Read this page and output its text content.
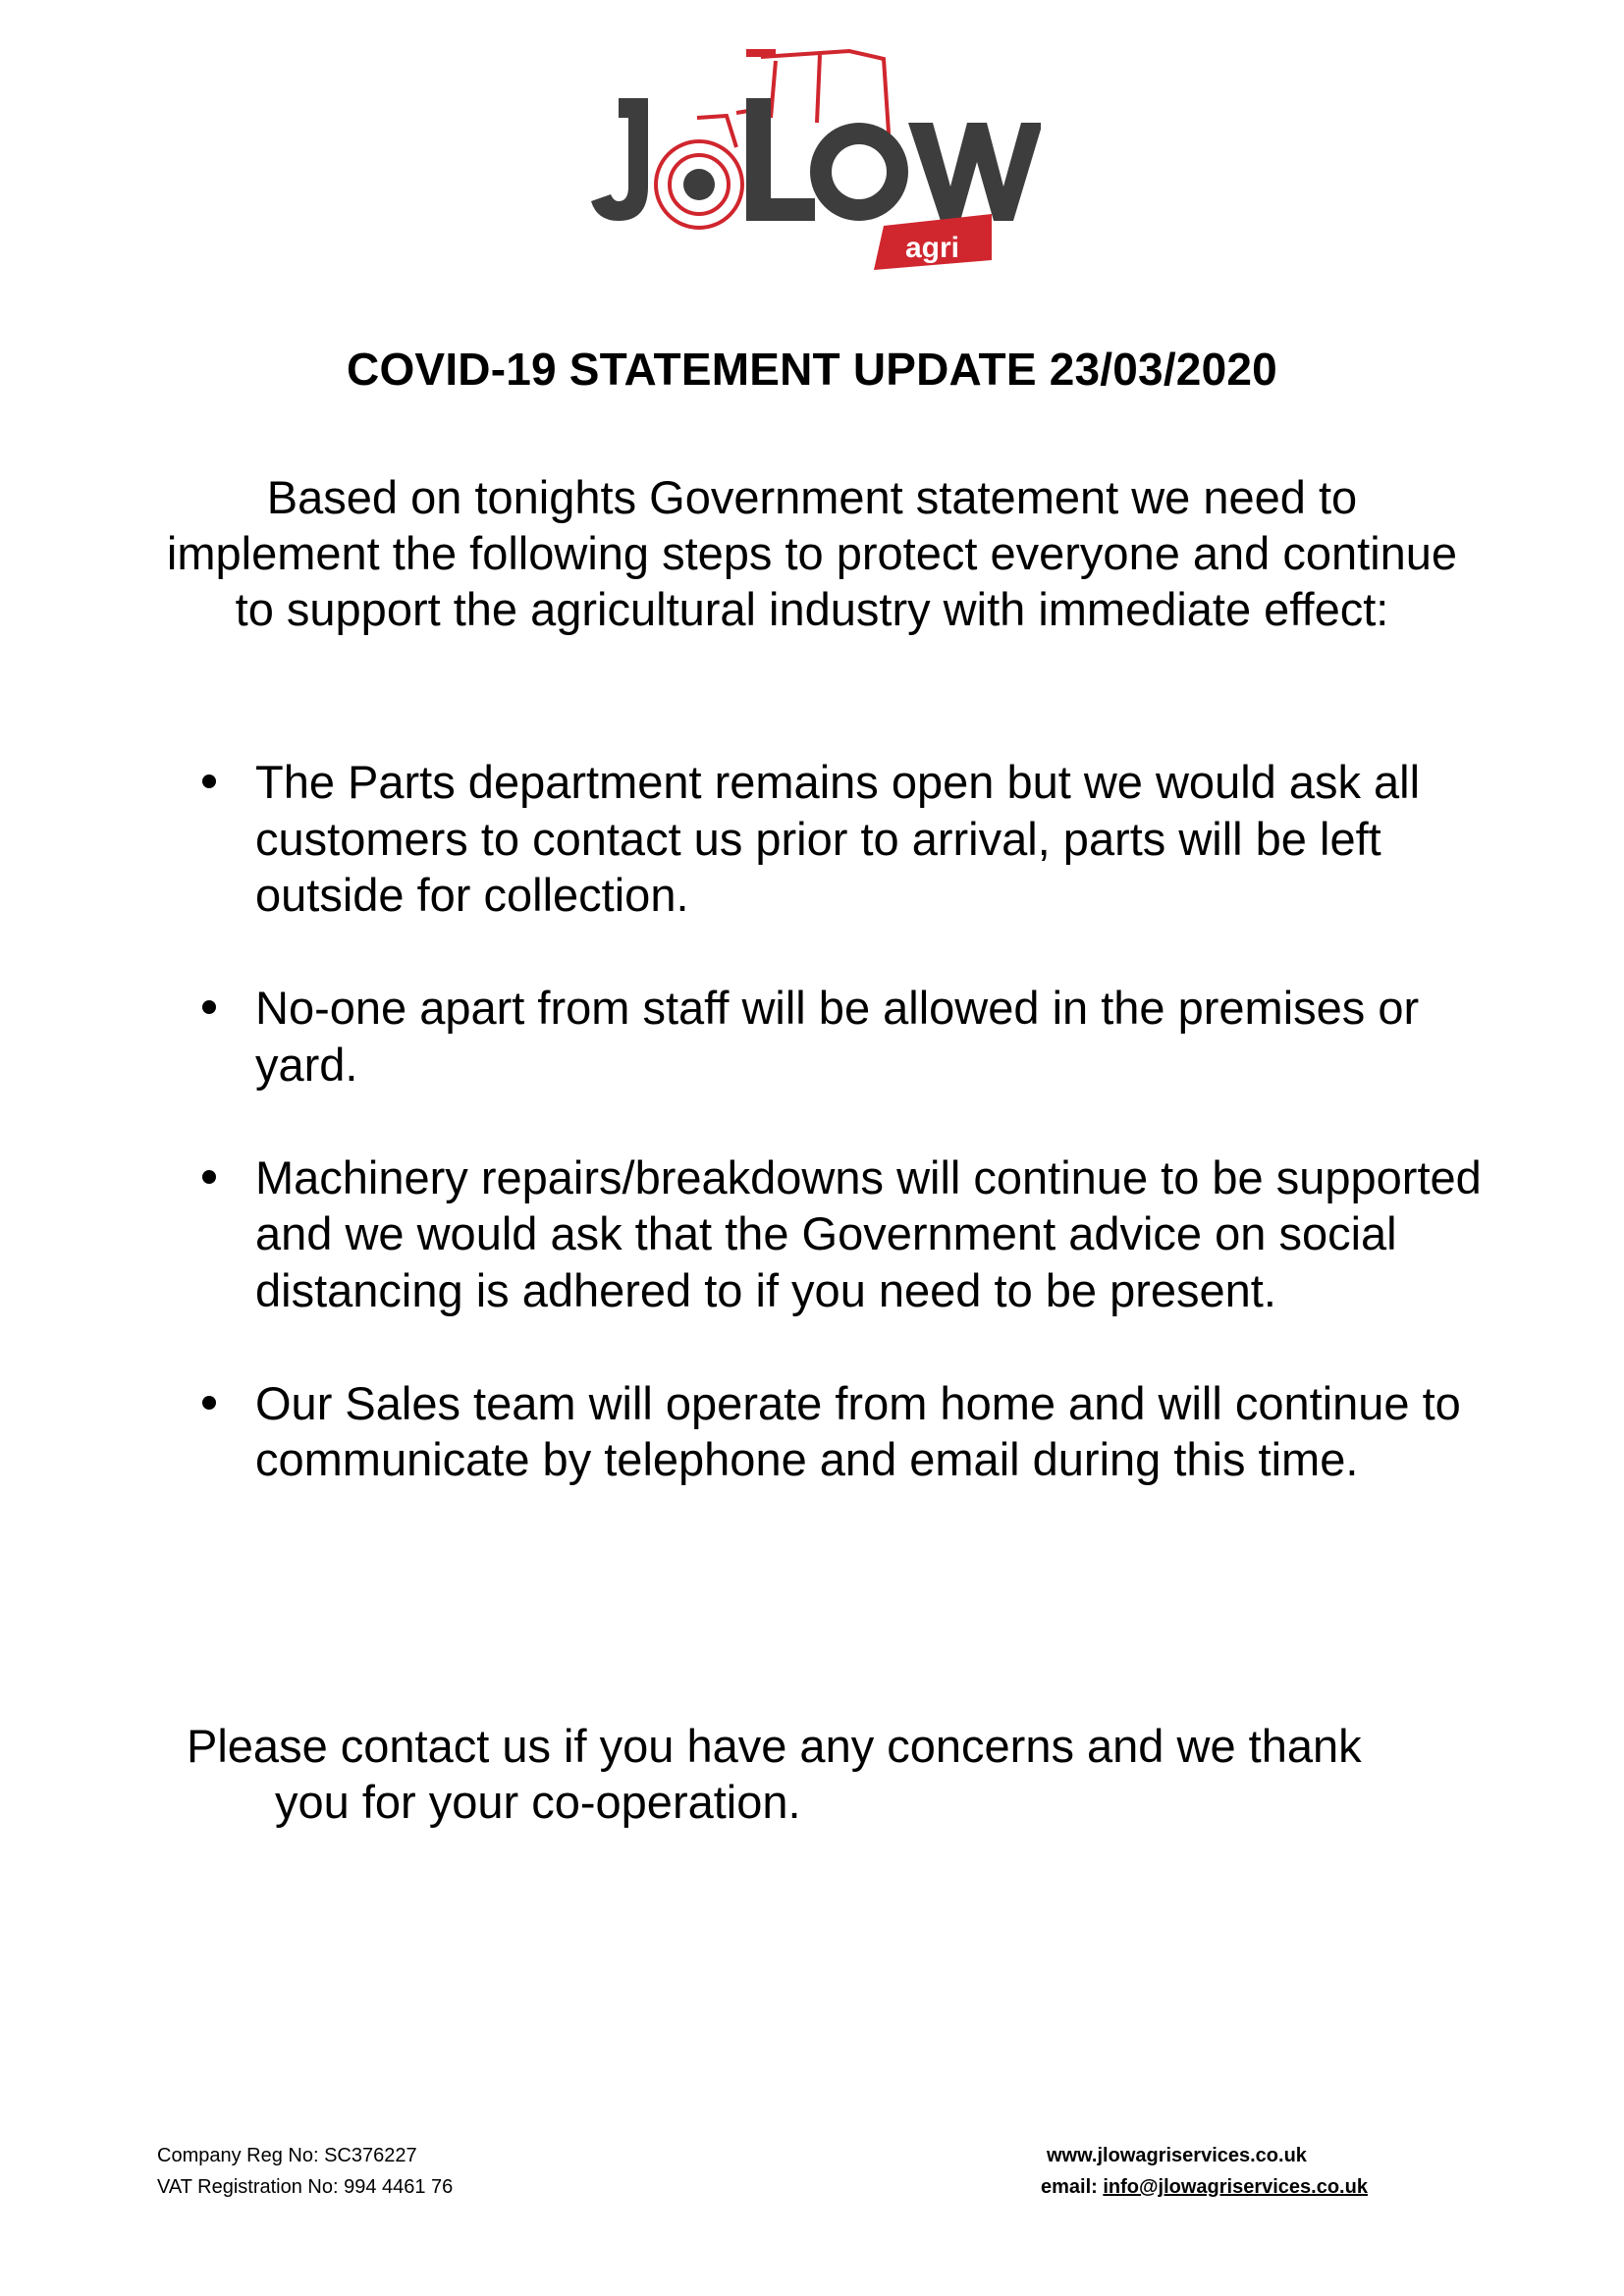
agri
COVID-19 STATEMENT UPDATE 23/03/2020

Based on tonights Government statement we need to implement the following steps to protect everyone and continue to support the agricultural industry with immediate effect:

The Parts department remains open but we would ask all customers to contact us prior to arrival, parts will be left outside for collection.
No-one apart from staff will be allowed in the premises or yard.
Machinery repairs/breakdowns will continue to be supported and we would ask that the Government advice on social distancing is adhered to if you need to be present.
Our Sales team will operate from home and will continue to communicate by telephone and email during this time.

Please contact us if you have any concerns and we thank
you for your co-operation.

Company Reg No: SC376227
VAT Registration No: 994 4461 76
www.jlowagriservices.co.uk
email: info@jlowagriservices.co.uk
